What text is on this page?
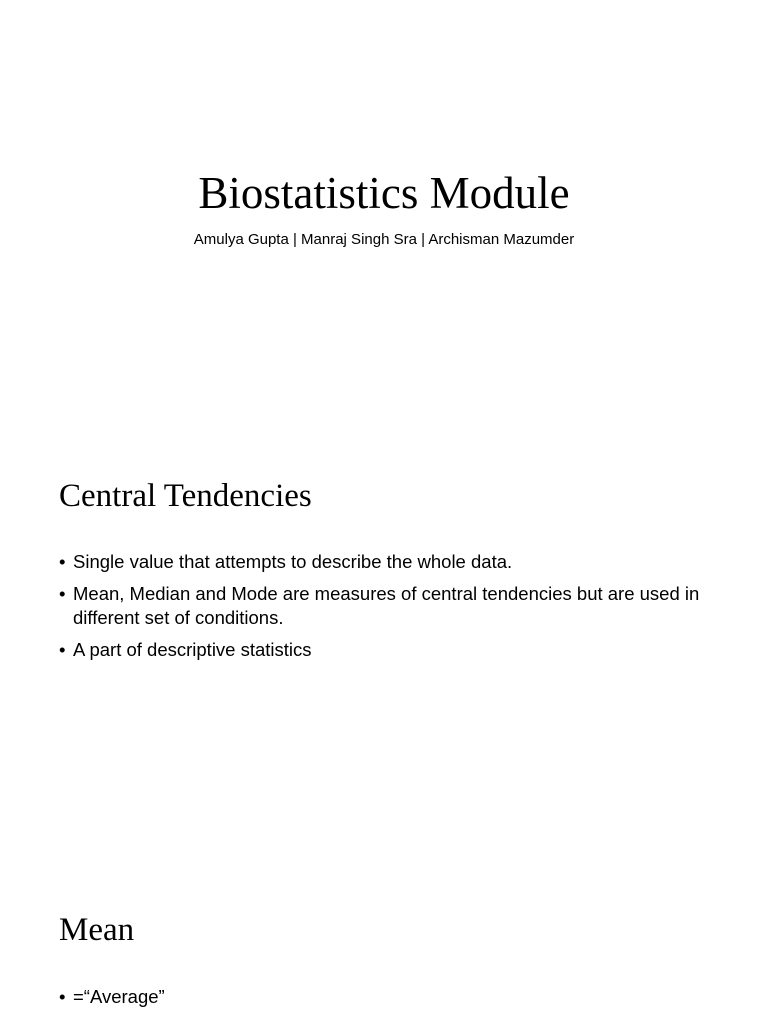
Biostatistics Module
Amulya Gupta | Manraj Singh Sra | Archisman Mazumder
Central Tendencies
• Single value that attempts to describe the whole data.
• Mean, Median and Mode are measures of central tendencies but are used in different set of conditions.
• A part of descriptive statistics
Mean
• =“Average”
